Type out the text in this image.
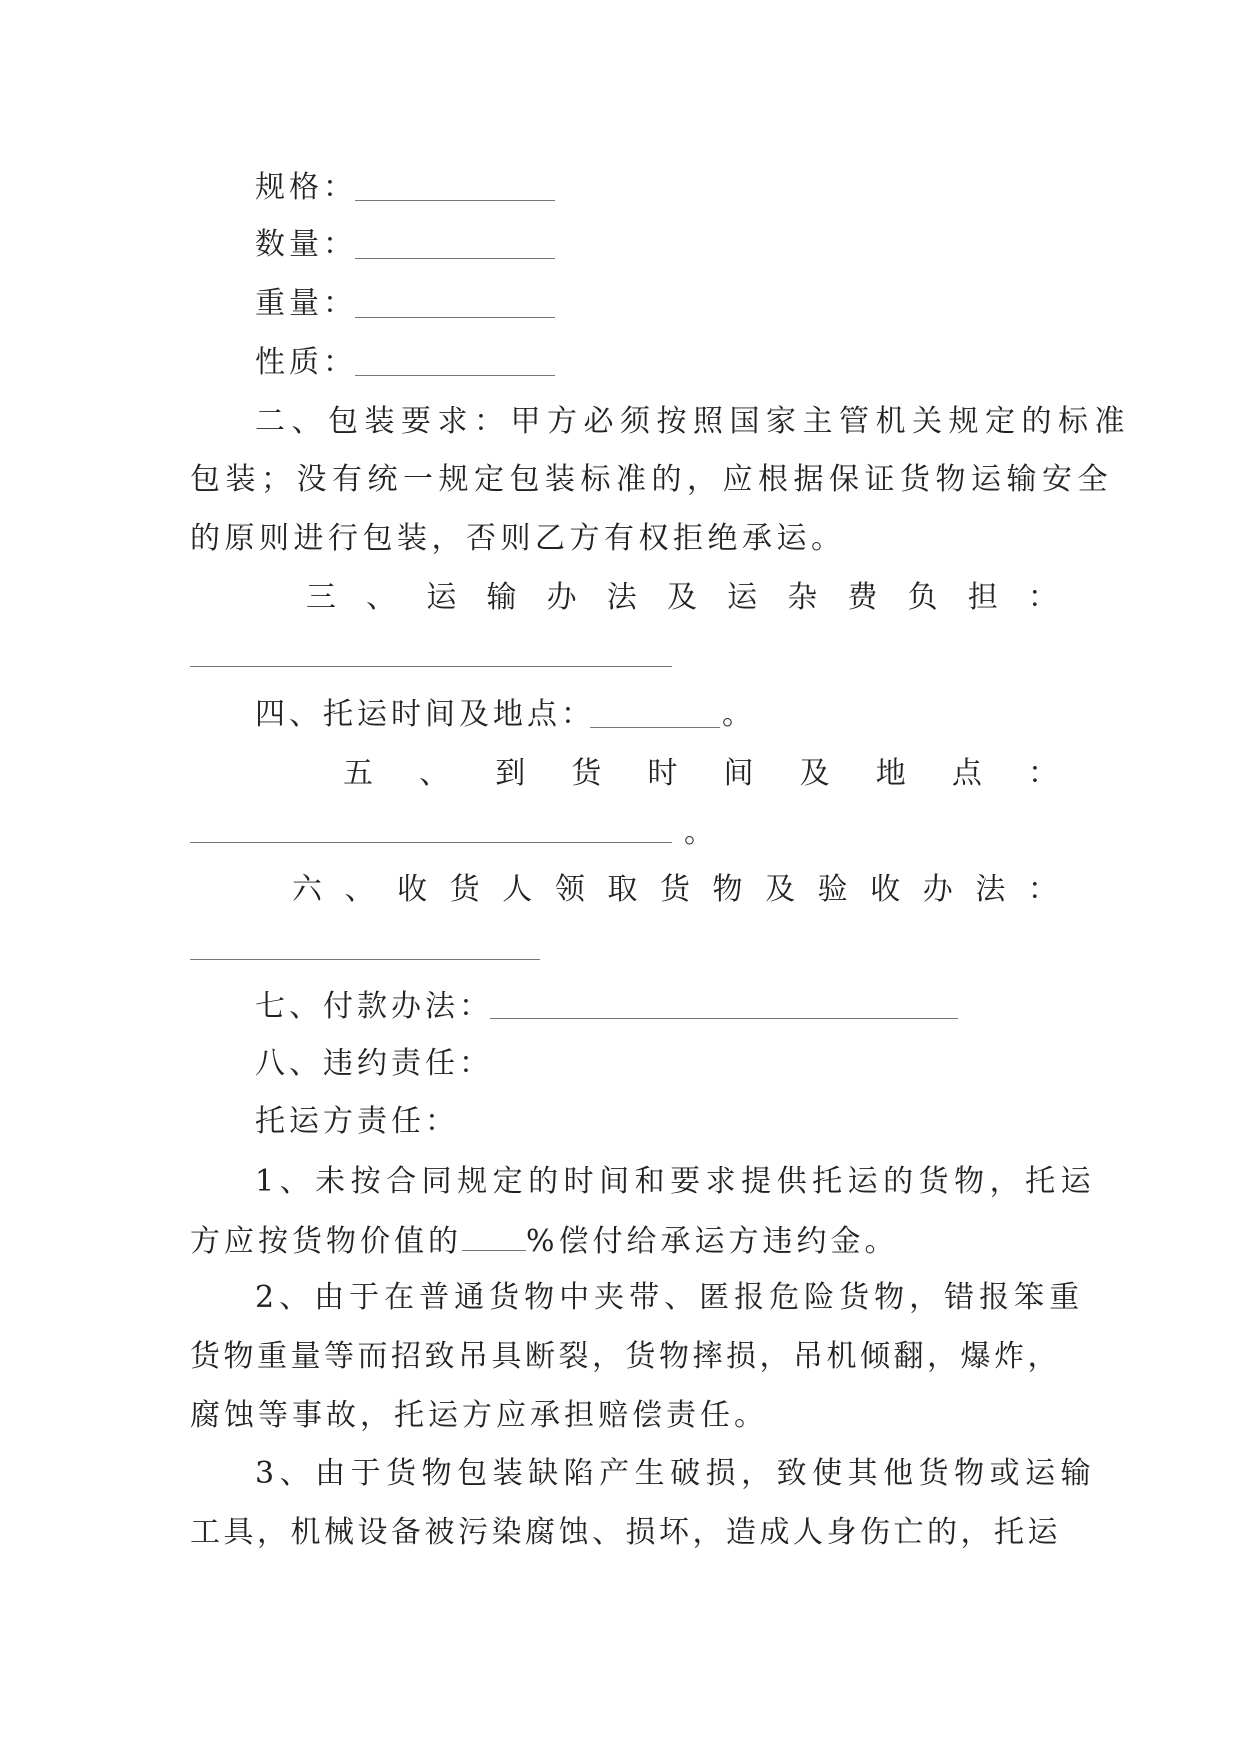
规格：
数量：
重量：
性质：
二、包装要求：甲方必须按照国家主管机关规定的标准
包装；没有统一规定包装标准的，应根据保证货物运输安全
的原则进行包装，否则乙方有权拒绝承运。
三 、 运 输 办 法 及 运 杂 费 负 担 ：
四、托运时间及地点：	。
五 、 到 货 时 间 及 地 点 ：
。
六 、 收 货 人 领 取 货 物 及 验 收 办 法 ：
七、付款办法：
八、违约责任：
托运方责任：
1、未按合同规定的时间和要求提供托运的货物，托运
方应按货物价值的 %偿付给承运方违约金。
2、由于在普通货物中夹带、匿报危险货物，错报笨重
货物重量等而招致吊具断裂，货物摔损，吊机倾翻，爆炸，
腐蚀等事故，托运方应承担赔偿责任。
3、由于货物包装缺陷产生破损，致使其他货物或运输
工具，机械设备被污染腐蚀、损坏，造成人身伤亡的，托运
